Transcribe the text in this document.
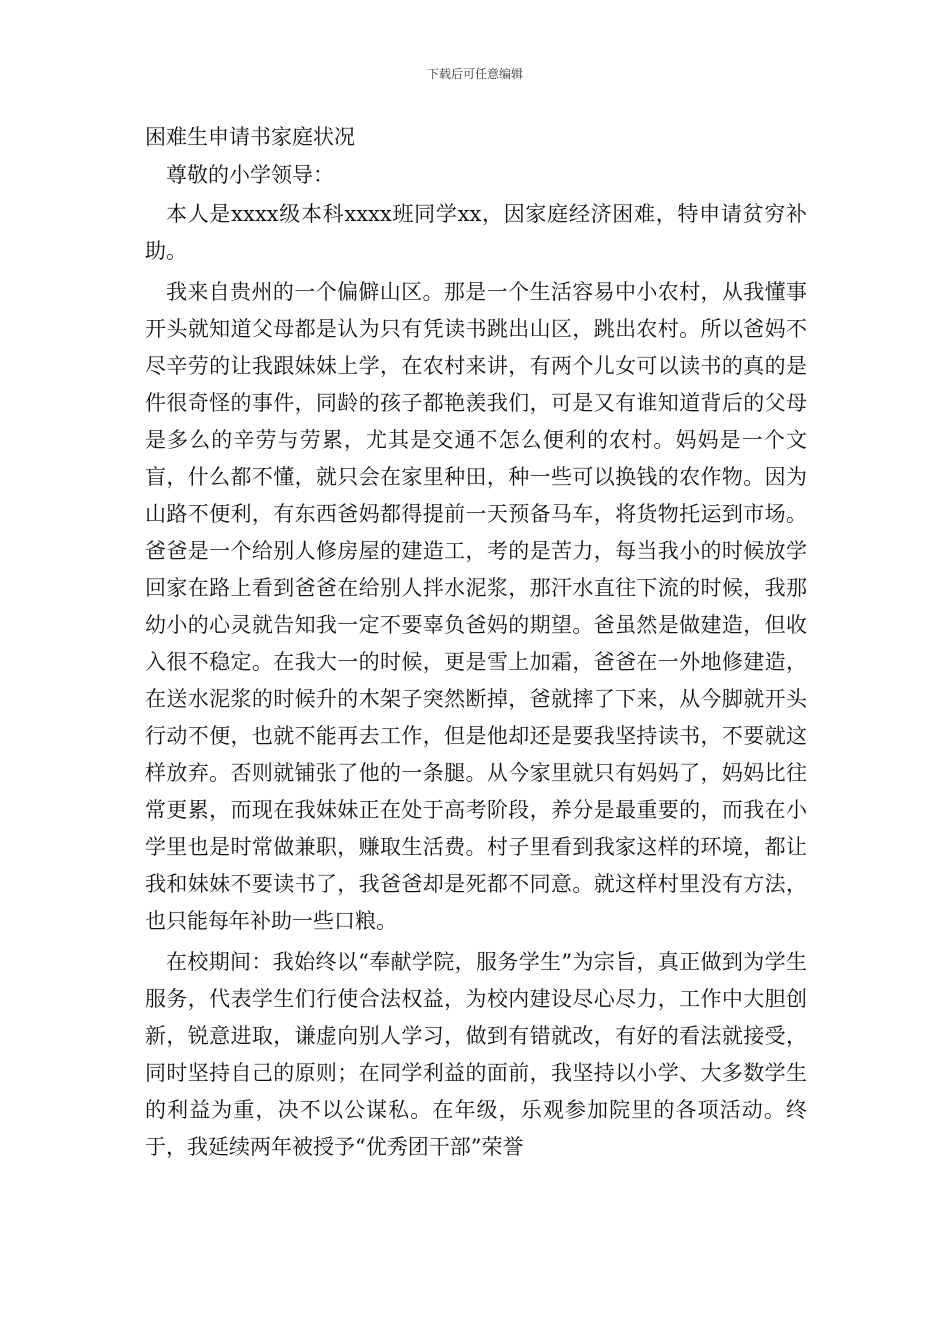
下载后可任意编辑
困难生申请书家庭状况

尊敬的小学领导：

本人是xxxx级本科xxxx班同学xx，因家庭经济困难，特申请贫穷补助。

我来自贵州的一个偏僻山区。那是一个生活容易中小农村，从我懂事开头就知道父母都是认为只有凭读书跳出山区，跳出农村。所以爸妈不尽辛劳的让我跟妹妹上学，在农村来讲，有两个儿女可以读书的真的是件很奇怪的事件，同龄的孩子都艳羡我们，可是又有谁知道背后的父母是多么的辛劳与劳累，尤其是交通不怎么便利的农村。妈妈是一个文盲，什么都不懂，就只会在家里种田，种一些可以换钱的农作物。因为山路不便利，有东西爸妈都得提前一天预备马车，将货物托运到市场。爸爸是一个给别人修房屋的建造工，考的是苦力，每当我小的时候放学回家在路上看到爸爸在给别人拌水泥浆，那汗水直往下流的时候，我那幼小的心灵就告知我一定不要辜负爸妈的期望。爸虽然是做建造，但收入很不稳定。在我大一的时候，更是雪上加霜，爸爸在一外地修建造，在送水泥浆的时候升的木架子突然断掉，爸就摔了下来，从今脚就开头行动不便，也就不能再去工作，但是他却还是要我坚持读书，不要就这样放弃。否则就铺张了他的一条腿。从今家里就只有妈妈了，妈妈比往常更累，而现在我妹妹正在处于高考阶段，养分是最重要的，而我在小学里也是时常做兼职，赚取生活费。村子里看到我家这样的环境，都让我和妹妹不要读书了，我爸爸却是死都不同意。就这样村里没有方法，也只能每年补助一些口粮。

在校期间：我始终以“奉献学院，服务学生”为宗旨，真正做到为学生服务，代表学生们行使合法权益，为校内建设尽心尽力，工作中大胆创新，锐意进取，谦虚向别人学习，做到有错就改，有好的看法就接受，同时坚持自己的原则；在同学利益的面前，我坚持以小学、大多数学生的利益为重，决不以公谋私。在年级，乐观参加院里的各项活动。终于，我延续两年被授予“优秀团干部”荣誉
